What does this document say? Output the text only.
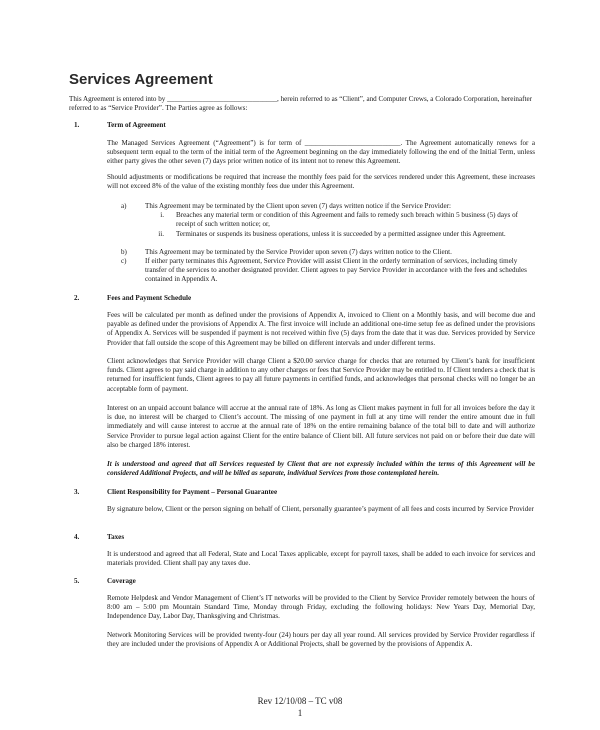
Services Agreement

This Agreement is entered into by _______________________________, herein referred to as “Client”, and Computer Crews, a Colorado Corporation, hereinafter referred to as “Service Provider”. The Parties agree as follows:

1.	Term of Agreement

The Managed Services Agreement (“Agreement”) is for term of ___________________________. The Agreement automatically renews for a subsequent term equal to the term of the initial term of the Agreement beginning on the day immediately following the end of the Initial Term, unless either party gives the other seven (7) days prior written notice of its intent not to renew this Agreement.

Should adjustments or modifications be required that increase the monthly fees paid for the services rendered under this Agreement, these increases will not exceed 8% of the value of the existing monthly fees due under this Agreement.

a)	This Agreement may be terminated by the Client upon seven (7) days written notice if the Service Provider:

i. Breaches any material term or condition of this Agreement and fails to remedy such breach within 5 business (5) days of receipt of such written notice; or,

ii. Terminates or suspends its business operations, unless it is succeeded by a permitted assignee under this Agreement.

b)	This Agreement may be terminated by the Service Provider upon seven (7) days written notice to the Client.

c)	If either party terminates this Agreement, Service Provider will assist Client in the orderly termination of services, including timely transfer of the services to another designated provider. Client agrees to pay Service Provider in accordance with the fees and schedules contained in Appendix A.

2.	Fees and Payment Schedule

Fees will be calculated per month as defined under the provisions of Appendix A, invoiced to Client on a Monthly basis, and will become due and payable as defined under the provisions of Appendix A. The first invoice will include an additional one-time setup fee as defined under the provisions of Appendix A. Services will be suspended if payment is not received within five (5) days from the date that it was due. Services provided by Service Provider that fall outside the scope of this Agreement may be billed on different intervals and under different terms.

Client acknowledges that Service Provider will charge Client a $20.00 service charge for checks that are returned by Client’s bank for insufficient funds. Client agrees to pay said charge in addition to any other charges or fees that Service Provider may be entitled to. If Client tenders a check that is returned for insufficient funds, Client agrees to pay all future payments in certified funds, and acknowledges that personal checks will no longer be an acceptable form of payment.

Interest on an unpaid account balance will accrue at the annual rate of 18%. As long as Client makes payment in full for all invoices before the day it is due, no interest will be charged to Client’s account. The missing of one payment in full at any time will render the entire amount due in full immediately and will cause interest to accrue at the annual rate of 18% on the entire remaining balance of the total bill to date and will authorize Service Provider to pursue legal action against Client for the entire balance of Client bill. All future services not paid on or before their due date will also be charged 18% interest.

It is understood and agreed that all Services requested by Client that are not expressly included within the terms of this Agreement will be considered Additional Projects, and will be billed as separate, individual Services from those contemplated herein.

3.	Client Responsibility for Payment – Personal Guarantee

By signature below, Client or the person signing on behalf of Client, personally guarantee’s payment of all fees and costs incurred by Service Provider

4.	Taxes

It is understood and agreed that all Federal, State and Local Taxes applicable, except for payroll taxes, shall be added to each invoice for services and materials provided. Client shall pay any taxes due.

5.	Coverage

Remote Helpdesk and Vendor Management of Client’s IT networks will be provided to the Client by Service Provider remotely between the hours of 8:00 am – 5:00 pm Mountain Standard Time, Monday through Friday, excluding the following holidays: New Years Day, Memorial Day, Independence Day, Labor Day, Thanksgiving and Christmas.

Network Monitoring Services will be provided twenty-four (24) hours per day all year round. All services provided by Service Provider regardless if they are included under the provisions of Appendix A or Additional Projects, shall be governed by the provisions of Appendix A.

Rev 12/10/08 – TC v08
1
